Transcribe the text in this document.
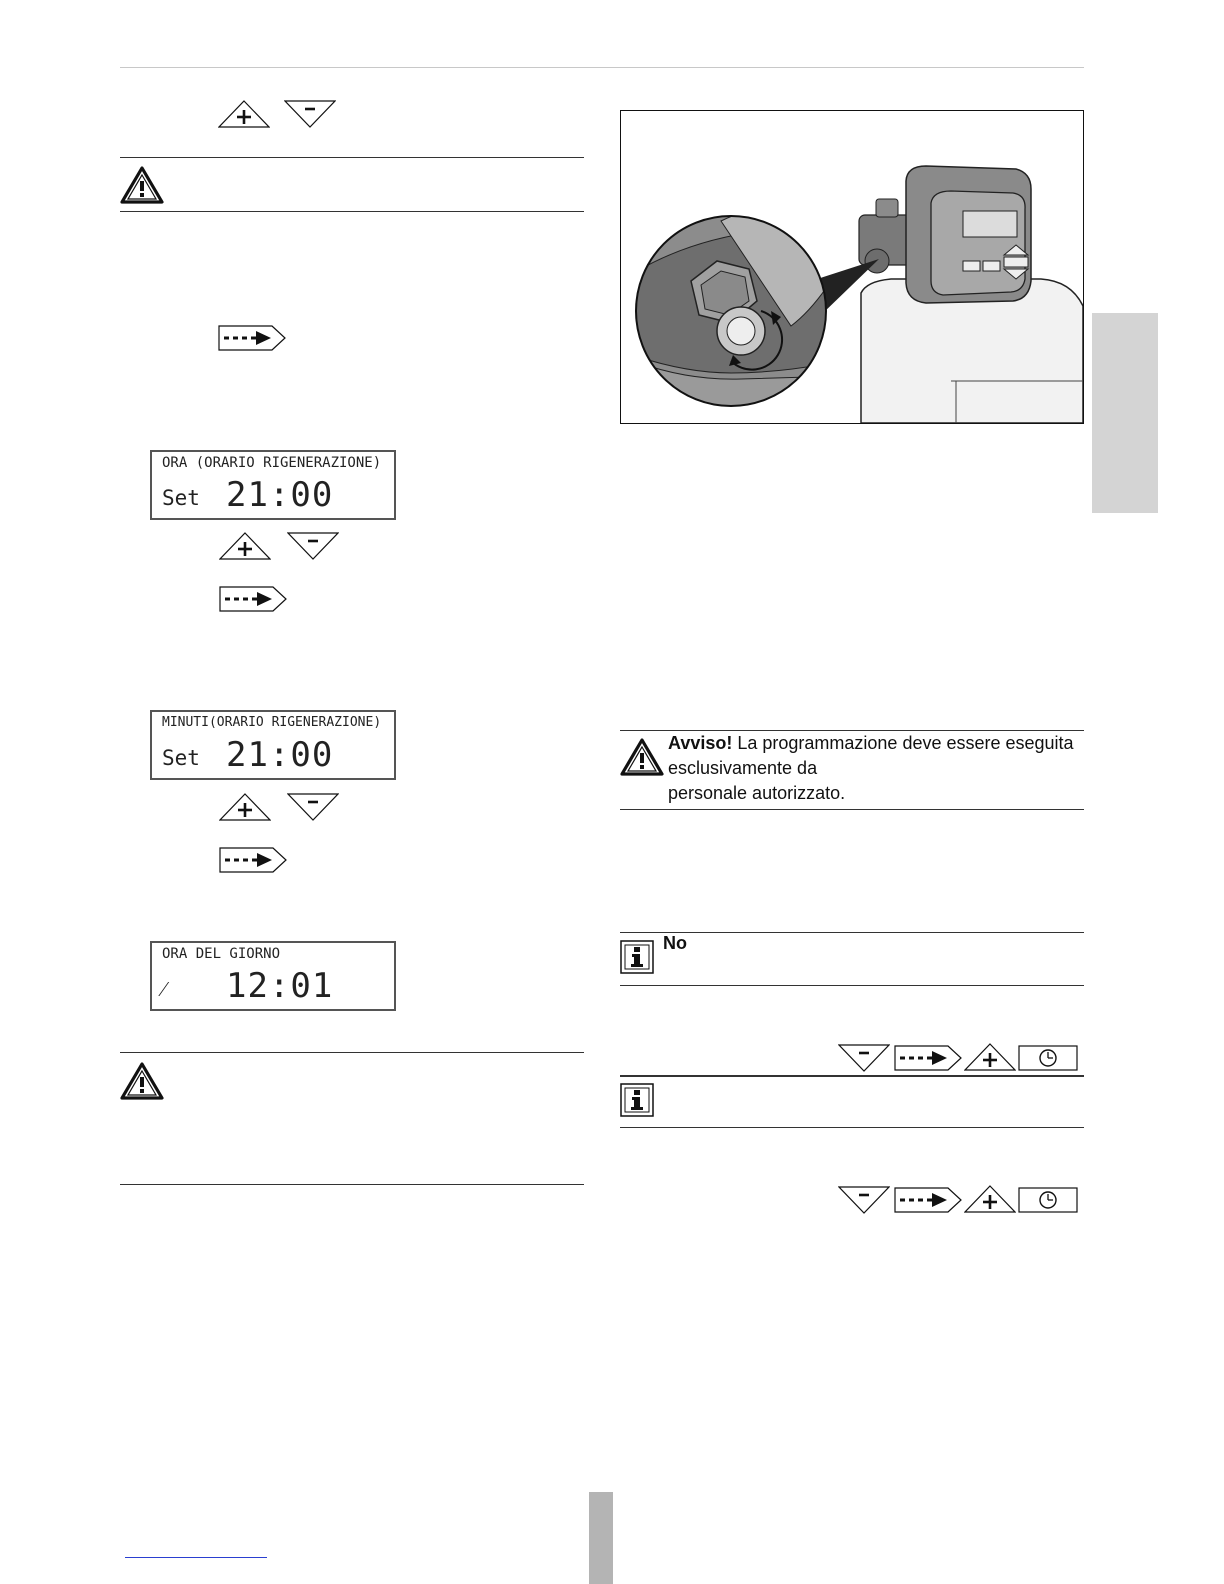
ORA (ORARIO RIGENERAZIONE)
Set 21:00
MINUTI(ORARIO RIGENERAZIONE)
Set 21:00
ORA DEL GIORNO
⁄ 12:01
Avviso! La programmazione deve essere eseguita
esclusivamente da
personale autorizzato.
No
